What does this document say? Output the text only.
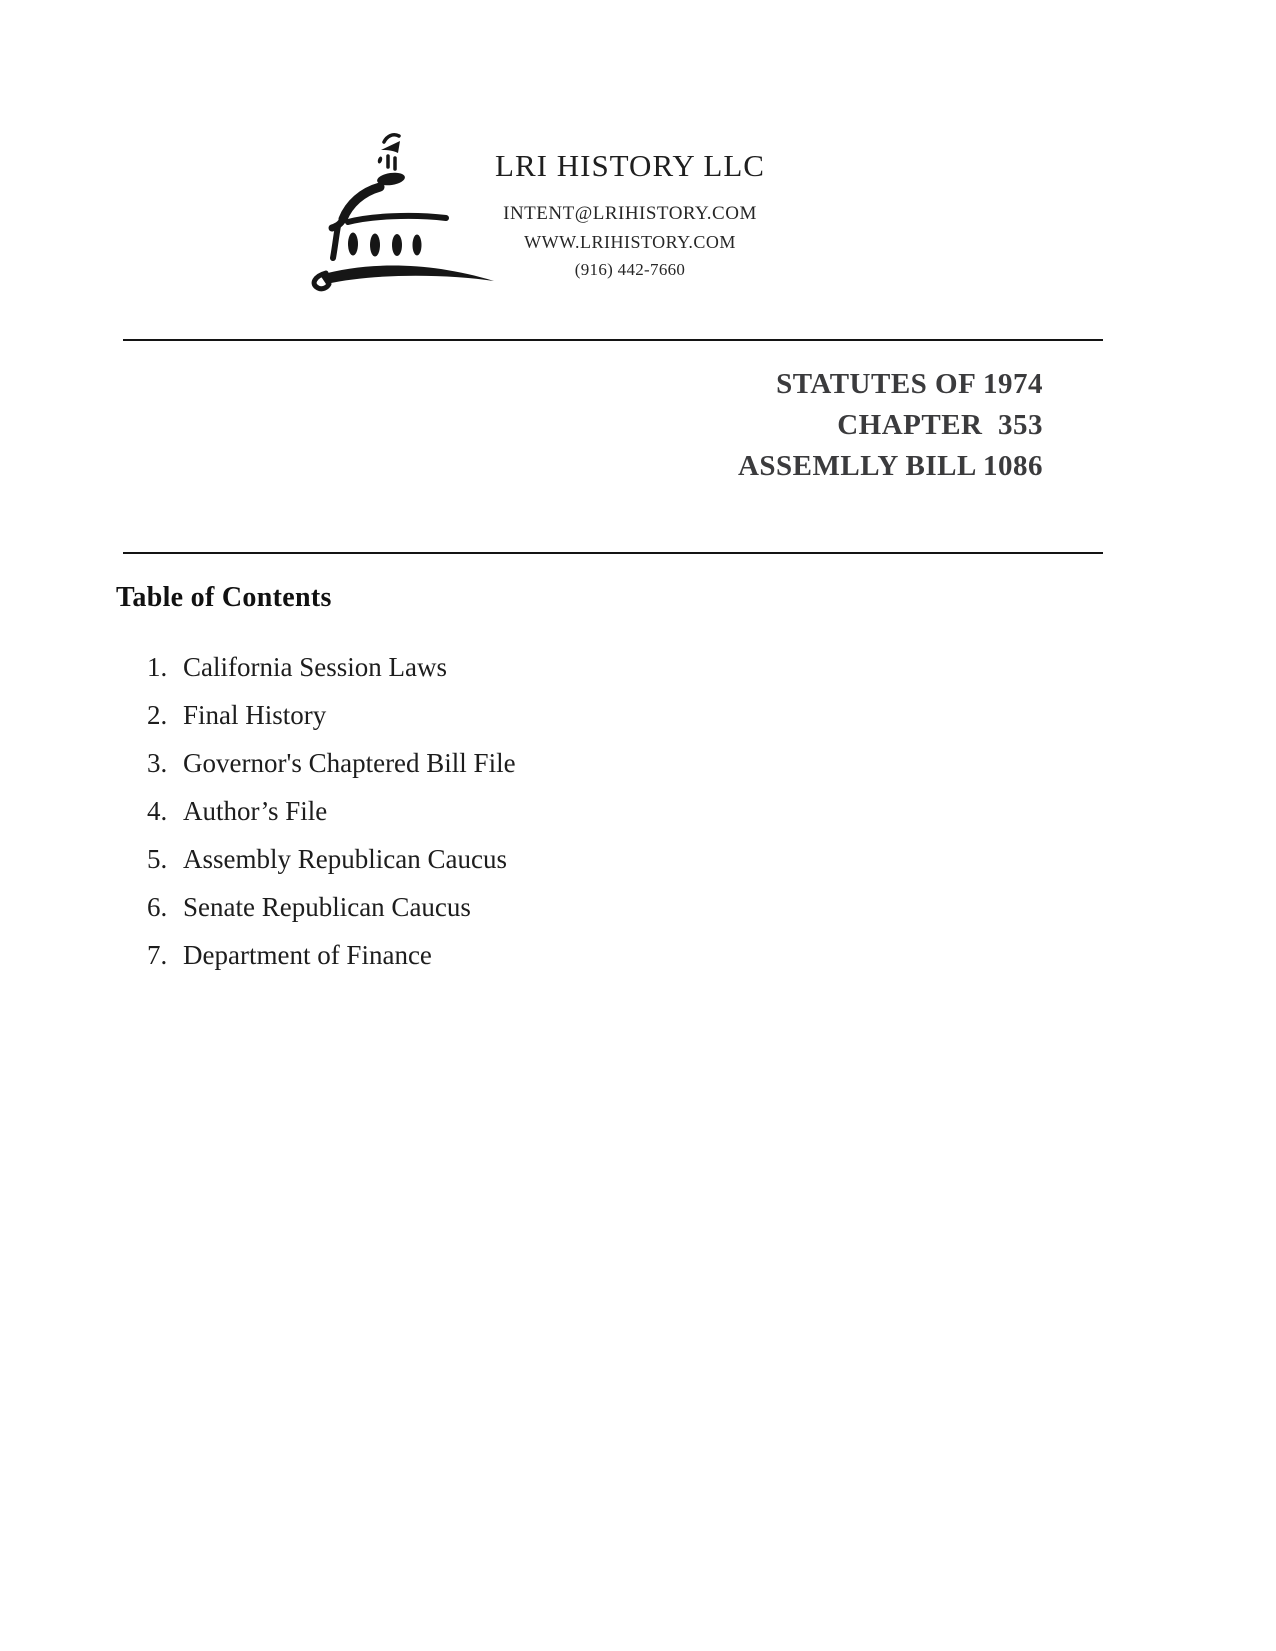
LRI HISTORY LLC
INTENT@LRIHISTORY.COM
WWW.LRIHISTORY.COM
(916) 442-7660
STATUTES OF 1974
CHAPTER  353
ASSEMLLY BILL 1086
Table of Contents
1. California Session Laws
2. Final History
3. Governor's Chaptered Bill File
4. Author’s File
5. Assembly Republican Caucus
6. Senate Republican Caucus
7. Department of Finance
